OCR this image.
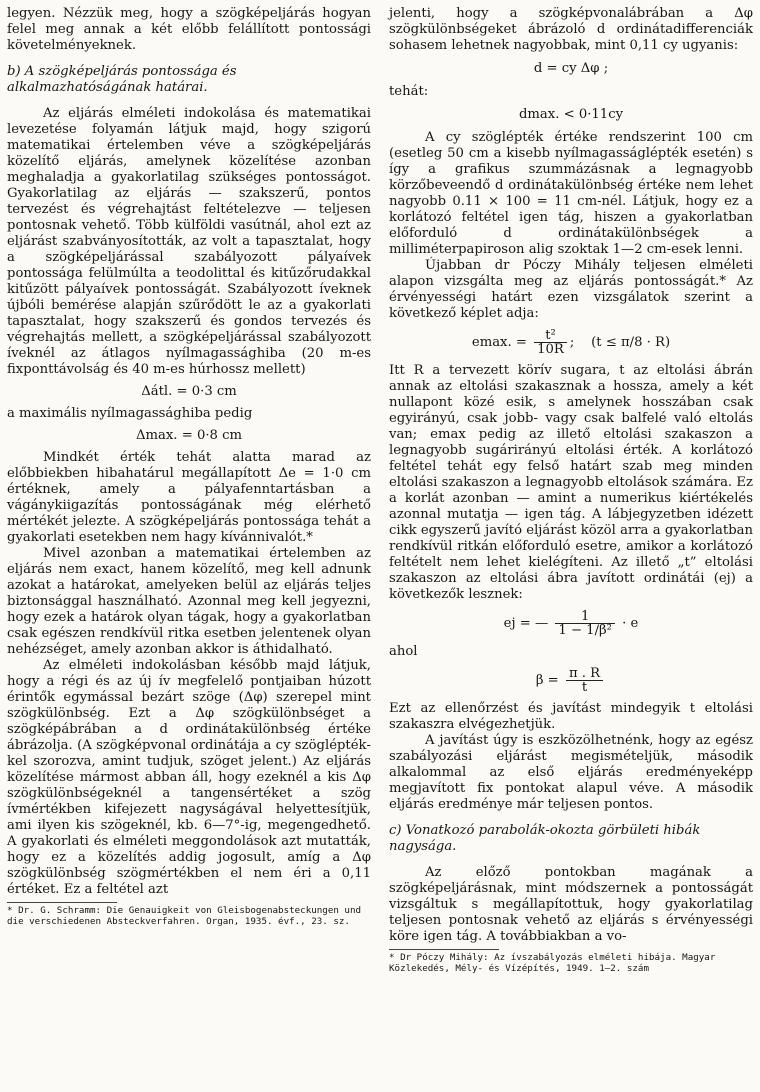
legyen. Nézzük meg, hogy a szögképeljárás hogyan felel meg annak a két előbb felállított pontossági követelményeknek.

b) A szögképeljárás pontossága és alkalmazhatóságának határai.

Az eljárás elméleti indokolása és matematikai levezetése folyamán látjuk majd, hogy szigorú matematikai értelemben véve a szögképeljárás közelítő eljárás, amelynek közelítése azonban meghaladja a gyakorlatilag szükséges pontosságot. Gyakorlatilag az eljárás — szakszerű, pontos tervezést és végrehajtást feltételezve — teljesen pontosnak vehető. Több külföldi vasútnál, ahol ezt az eljárást szabványosították, az volt a tapasztalat, hogy a szögképeljárással szabályozott pályaívek pontossága felülmúlta a teodolittal és kitűzőrudakkal kitűzött pályaívek pontosságát. Szabályozott íveknek újbóli bemérése alapján szűrődött le az a gyakorlati tapasztalat, hogy szakszerű és gondos tervezés és végrehajtás mellett, a szögképeljárással szabályozott íveknél az átlagos nyílmagassághiba (20 m-es fixponttávolság és 40 m-es húrhossz mellett)

Δátl. = 0·3 cm

a maximális nyílmagassághiba pedig

Δmax. = 0·8 cm

Mindkét érték tehát alatta marad az előbbiekben hibahatárul megállapított Δe = 1·0 cm értéknek, amely a pályafenntartásban a vágánykiigazítás pontosságának még elérhető mértékét jelezte. A szögképeljárás pontossága tehát a gyakorlati esetekben nem hagy kívánnivalót.*

Mivel azonban a matematikai értelemben az eljárás nem exact, hanem közelítő, meg kell adnunk azokat a határokat, amelyeken belül az eljárás teljes biztonsággal használható. Azonnal meg kell jegyezni, hogy ezek a határok olyan tágak, hogy a gyakorlatban csak egészen rendkívül ritka esetben jelentenek olyan nehézséget, amely azonban akkor is áthidalható.

Az elméleti indokolásban később majd látjuk, hogy a régi és az új ív megfelelő pontjaiban húzott érintők egymással bezárt szöge (Δφ) szerepel mint szögkülönbség. Ezt a Δφ szögkülönbséget a szögképábrában a d ordinátakülönbség értéke ábrázolja. (A szögképvonal ordinátája a cy szögléptékkel szorozva, amint tudjuk, szöget jelent.) Az eljárás közelítése mármost abban áll, hogy ezeknél a kis Δφ szögkülönbségeknél a tangensértéket a szög ívmértékben kifejezett nagyságával helyettesítjük, ami ilyen kis szögeknél, kb. 6—7°-ig, megengedhető. A gyakorlati és elméleti meggondolások azt mutatták, hogy ez a közelítés addig jogosult, amíg a Δφ szögkülönbség szögmértékben el nem éri a 0,11 értéket. Ez a feltétel azt

* Dr. G. Schramm: Die Genauigkeit von Gleisbogenabsteckungen und die verschiedenen Absteckverfahren. Organ, 1935. évf., 23. sz.

jelenti, hogy a szögképvonalábrában a Δφ szögkülönbségeket ábrázoló d ordinátadifferenciák sohasem lehetnek nagyobbak, mint 0,11 cy ugyanis:

d = cy Δφ ;

tehát:

dmax. < 0·11cy

A cy szöglépték értéke rendszerint 100 cm (esetleg 50 cm a kisebb nyílmagasságlépték esetén) s így a grafikus szummázásnak a legnagyobb körzőbeveendő d ordinátakülönbség értéke nem lehet nagyobb 0.11 ⨯ 100 = 11 cm-nél. Látjuk, hogy ez a korlátozó feltétel igen tág, hiszen a gyakorlatban előforduló d ordinátakülönbségek a milliméterpapiroson alig szoktak 1—2 cm-esek lenni.

Újabban dr Póczy Mihály teljesen elméleti alapon vizsgálta meg az eljárás pontosságát.* Az érvényességi határt ezen vizsgálatok szerint a következő képlet adja:

emax. = $\frac{\text{t²}}{10R}$ ;    (t ≤ π/8 · R)

Itt R a tervezett körív sugara, t az eltolási ábrán annak az eltolási szakasznak a hossza, amely a két nullapont közé esik, s amelynek hosszában csak egyirányú, csak jobb- vagy csak balfelé való eltolás van; emax pedig az illető eltolási szakaszon a legnagyobb sugárirányú eltolási érték. A korlátozó feltétel tehát egy felső határt szab meg minden eltolási szakaszon a legnagyobb eltolások számára. Ez a korlát azonban — amint a numerikus kiértékelés azonnal mutatja — igen tág. A lábjegyzetben idézett cikk egyszerű javító eljárást közöl arra a gyakorlatban rendkívül ritkán előforduló esetre, amikor a korlátozó feltételt nem lehet kielégíteni. Az illető „t” eltolási szakaszon az eltolási ábra javított ordinátái (ej) a következők lesznek:

ej = — $\frac{1}{\text{1 − 1/β²}} \cdot e$

ahol

$\beta = \frac{\pi . R}{t}$

Ezt az ellenőrzést és javítást mindegyik t eltolási szakaszra elvégezhetjük.

A javítást úgy is eszközölhetnénk, hogy az egész szabályozási eljárást megismételjük, második alkalommal az első eljárás eredményeképp megjavított fix pontokat alapul véve. A második eljárás eredménye már teljesen pontos.

c) Vonatkozó parabolák-okozta görbületi hibák nagysága.

Az előző pontokban magának a szögképeljárásnak, mint módszernek a pontosságát vizsgáltuk s megállapítottuk, hogy gyakorlatilag teljesen pontosnak vehető az eljárás s érvényességi köre igen tág. A továbbiakban a vo-

* Dr Póczy Mihály: Az ívszabályozás elméleti hibája. Magyar Közlekedés, Mély- és Vízépítés, 1949. 1—2. szám
